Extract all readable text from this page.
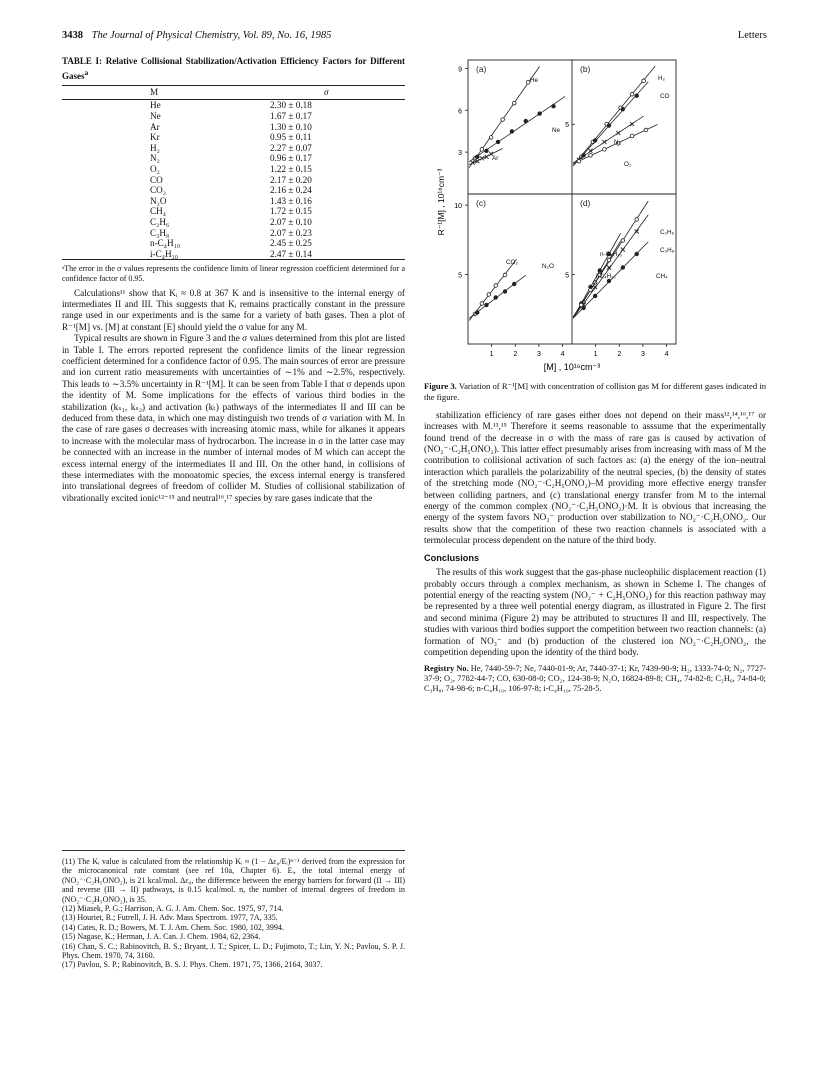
3438 The Journal of Physical Chemistry, Vol. 89, No. 16, 1985	Letters
TABLE I: Relative Collisional Stabilization/Activation Efficiency Factors for Different Gases$^a$
M	σ
He	2.30 ± 0.18
Ne	1.67 ± 0.17
Ar	1.30 ± 0.10
Kr	0.95 ± 0.11
H₂	2.27 ± 0.07
N₂	0.96 ± 0.17
O₂	1.22 ± 0.15
CO	2.17 ± 0.20
CO₂	2.16 ± 0.24
N₂O	1.43 ± 0.16
CH₄	1.72 ± 0.15
C₂H₆	2.07 ± 0.10
C₃H₈	2.07 ± 0.23
n-C₄H₁₀	2.45 ± 0.25
i-C₄H₁₀	2.47 ± 0.14
ᵃThe error in the σ values represents the confidence limits of linear regression coefficient determined for a confidence factor of 0.95.

Calculations¹¹ show that Kᵢ ≈ 0.8 at 367 K and is insensitive to the internal energy of intermediates II and III. This suggests that Kᵢ remains practically constant in the pressure range used in our experiments and is the same for a variety of bath gases. Then a plot of R⁻¹[M] vs. [M] at constant [E] should yield the σ value for any M.

Typical results are shown in Figure 3 and the σ values determined from this plot are listed in Table I. The errors reported represent the confidence limits of the linear regression coefficient determined for a confidence factor of 0.95. The main sources of error are pressure and ion current ratio measurements with uncertainties of ∼1% and ∼2.5%, respectively. This leads to ∼3.5% uncertainty in R⁻¹[M]. It can be seen from Table I that σ depends upon the identity of M. Some implications for the effects of various third bodies in the stabilization (kₛ₁, kₛ₂) and activation (kₜ) pathways of the intermediates II and III can be deduced from these data, in which one may distinguish two trends of σ variation with M. In the case of rare gases σ decreases with increasing atomic mass, while for alkanes it appears to increase with the molecular mass of hydrocarbon. The increase in σ in the latter case may be connected with an increase in the number of internal modes of M which can accept the excess internal energy of the intermediates II and III. On the other hand, in collisions of these intermediates with the monoatomic species, the excess internal energy is transfered into translational degrees of freedom of collider M. Studies of collisional stabilization of vibrationally excited ionic¹²⁻¹⁵ and neutral¹⁶,¹⁷ species by rare gases indicate that the

(11) The Kᵢ value is calculated from the relationship Kᵢ ≈ (1 − Δε₀/Eᵢ)ⁿ⁻¹ derived from the expression for the microcanonical rate constant (see ref 10a, Chapter 6). Eᵢ, the total internal energy of (NO₂⁻·C₂H₅ONO₂), is 21 kcal/mol. Δε₀, the difference between the energy barriers for forward (II → III) and reverse (III → II) pathways, is 0.15 kcal/mol. n, the number of internal degrees of freedom in (NO₂⁻·C₂H₅ONO₂), is 35.
(12) Miasek, P. G.; Harrison, A. G. J. Am. Chem. Soc. 1975, 97, 714.
(13) Houriet, R.; Futrell, J. H. Adv. Mass Spectrom. 1977, 7A, 335.
(14) Cates, R. D.; Bowers, M. T. J. Am. Chem. Soc. 1980, 102, 3994.
(15) Nagase, K.; Herman, J. A. Can. J. Chem. 1984, 62, 2364.
(16) Chan, S. C.; Rabinovitch, B. S.; Bryant, J. T.; Spicer, L. D.; Fujimoto, T.; Lin, Y. N.; Pavlou, S. P. J. Phys. Chem. 1970, 74, 3160.
(17) Pavlou, S. P.; Rabinovitch, B. S. J. Phys. Chem. 1971, 75, 1366, 2164, 3037.
(a)	(b)
(c)	(d)
9
6
3
5
10
5	5
1	2	3	4	1	2	3	4
R⁻¹[M] , 10¹⁶cm⁻³
[M] , 10¹⁶cm⁻³
He
Ne
Ar
H₂
CO
N₂
O₂
CO₂
N₂O
C₂H₆
n-C₄H₁₀
C₃H₈
i-C₄H₁₀	CH₄
Figure 3. Variation of R⁻¹[M] with concentration of collision gas M for different gases indicated in the figure.

stabilization efficiency of rare gases either does not depend on their mass¹²,¹⁴,¹⁶,¹⁷ or increases with M.¹³,¹⁵ Therefore it seems reasonable to asssume that the experimentally found trend of the decrease in σ with the mass of rare gas is caused by activation of (NO₂⁻·C₂H₅ONO₂). This latter effect presumably arises from increasing with mass of M the contribution to collisional activation of such factors as: (a) the energy of the ion–neutral interaction which parallels the polarizability of the neutral species, (b) the density of states of the stretching mode (NO₂⁻·C₂H₅ONO₂)–M providing more effective energy transfer between colliding partners, and (c) translational energy transfer from M to the internal energy of the common complex (NO₂⁻·C₂H₅ONO₂)·M. It is obvious that increasing the energy of the system favors NO₃⁻ production over stabilization to NO₂⁻·C₂H₅ONO₂. Our results show that the competition of these two reaction channels is associated with a termolecular process dependent on the nature of the third body.

Conclusions

The results of this work suggest that the gas-phase nucleophilic displacement reaction (1) probably occurs through a complex mechanism, as shown in Scheme I. The changes of potential energy of the reacting system (NO₂⁻ + C₂H₅ONO₂) for this reaction pathway may be represented by a three well potential energy diagram, as illustrated in Figure 2. The first and second minima (Figure 2) may be attributed to structures II and III, respectively. The studies with various third bodies support the competition between two reaction channels: (a) formation of NO₃⁻ and (b) production of the clustered ion NO₂⁻·C₂H₅ONO₂, the competition depending upon the identity of the third body.

Registry No. He, 7440-59-7; Ne, 7440-01-9; Ar, 7440-37-1; Kr, 7439-90-9; H₂, 1333-74-0; N₂, 7727-37-9; O₂, 7782-44-7; CO, 630-08-0; CO₂, 124-38-9; N₂O, 16824-89-8; CH₄, 74-82-8; C₂H₆, 74-84-0; C₃H₈, 74-98-6; n-C₄H₁₀, 106-97-8; i-C₄H₁₀, 75-28-5.
